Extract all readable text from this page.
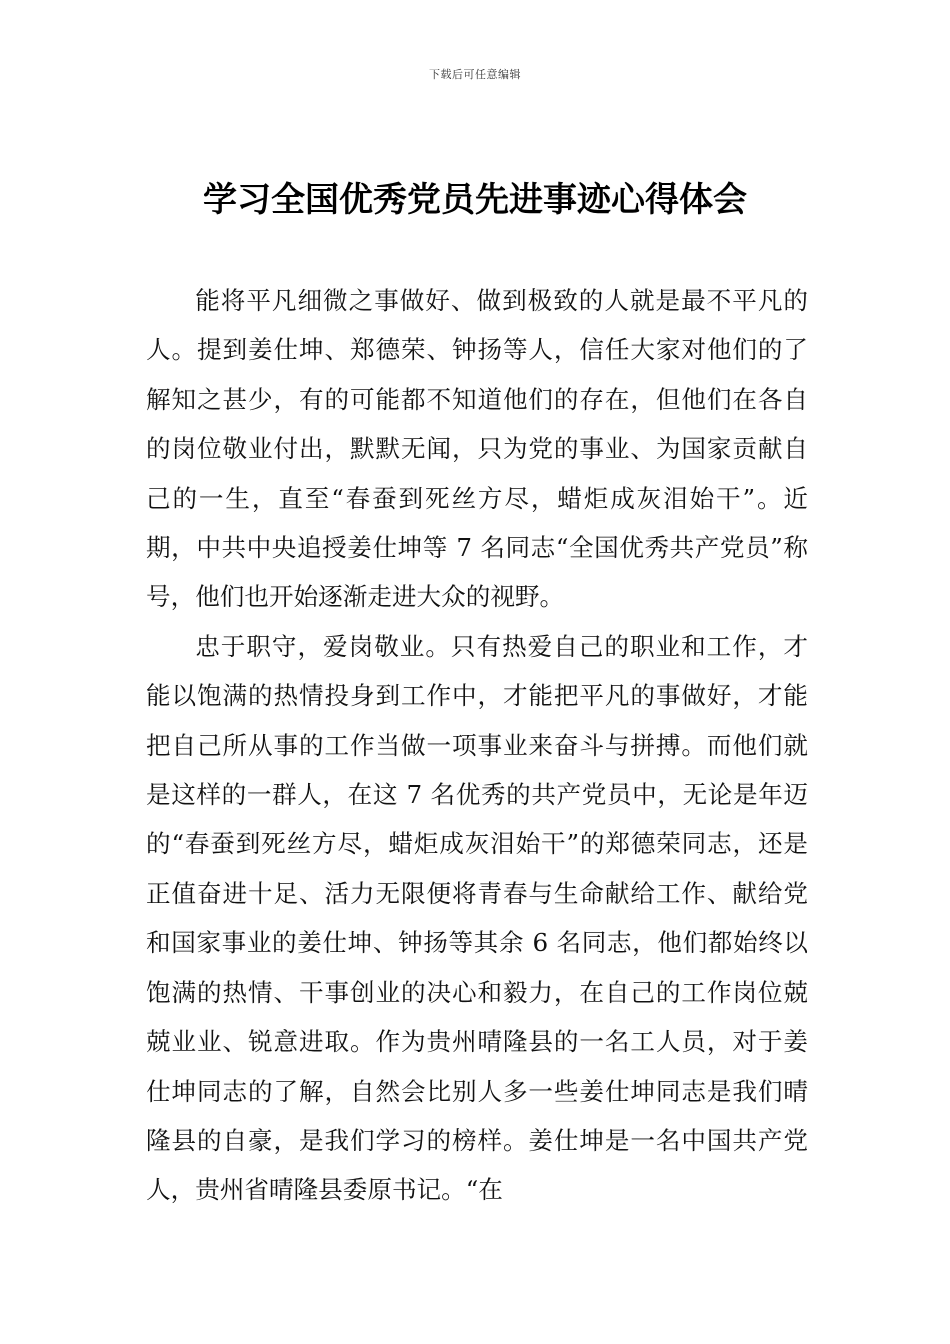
下载后可任意编辑
学习全国优秀党员先进事迹心得体会

能将平凡细微之事做好、做到极致的人就是最不平凡的人。提到姜仕坤、郑德荣、钟扬等人，信任大家对他们的了解知之甚少，有的可能都不知道他们的存在，但他们在各自的岗位敬业付出，默默无闻，只为党的事业、为国家贡献自己的一生，直至“春蚕到死丝方尽，蜡炬成灰泪始干”。近期，中共中央追授姜仕坤等 7 名同志“全国优秀共产党员”称号，他们也开始逐渐走进大众的视野。

忠于职守，爱岗敬业。只有热爱自己的职业和工作，才能以饱满的热情投身到工作中，才能把平凡的事做好，才能把自己所从事的工作当做一项事业来奋斗与拼搏。而他们就是这样的一群人，在这 7 名优秀的共产党员中，无论是年迈的“春蚕到死丝方尽，蜡炬成灰泪始干”的郑德荣同志，还是正值奋进十足、活力无限便将青春与生命献给工作、献给党和国家事业的姜仕坤、钟扬等其余 6 名同志，他们都始终以饱满的热情、干事创业的决心和毅力，在自己的工作岗位兢兢业业、锐意进取。作为贵州晴隆县的一名工人员，对于姜仕坤同志的了解，自然会比别人多一些姜仕坤同志是我们晴隆县的自豪，是我们学习的榜样。姜仕坤是一名中国共产党人，贵州省晴隆县委原书记。“在
